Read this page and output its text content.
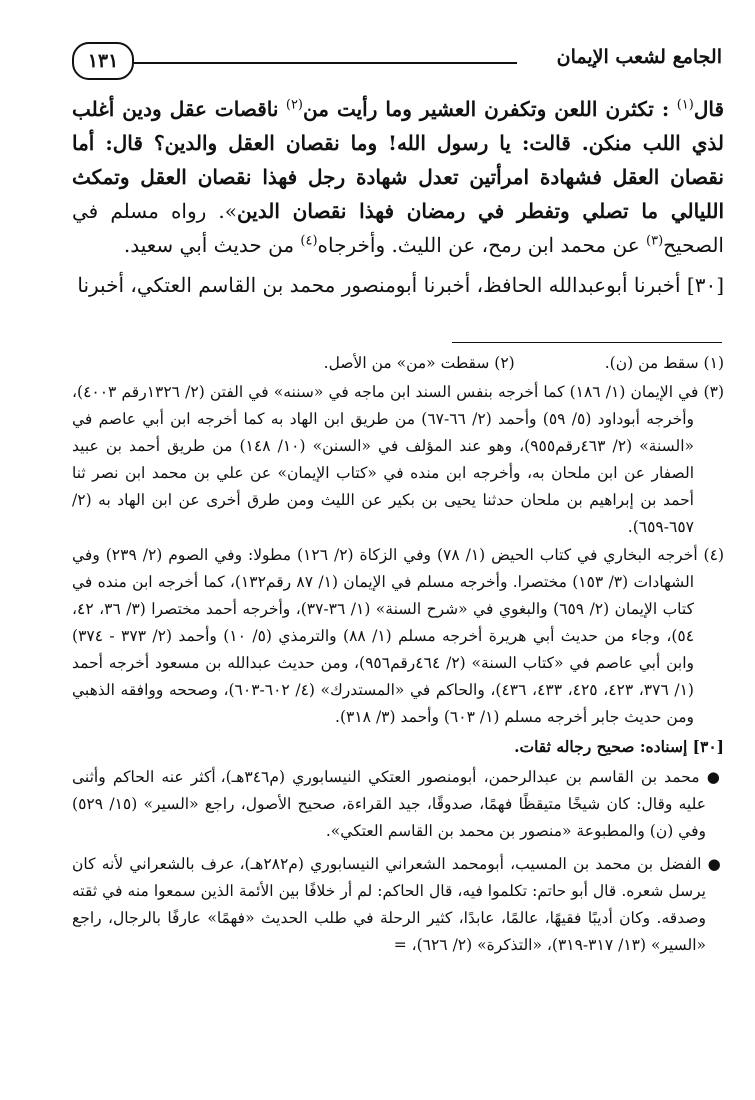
الجامع لشعب الإيمان
١٣١

قال$^{(١)}$ : تكثرن اللعن وتكفرن العشير وما رأيت من$^{(٢)}$ ناقصات عقل ودين أغلب لذي اللب منكن. قالت: يا رسول الله! وما نقصان العقل والدين؟ قال: أما نقصان العقل فشهادة امرأتين تعدل شهادة رجل فهذا نقصان العقل وتمكث الليالي ما تصلي وتفطر في رمضان فهذا نقصان الدين». رواه مسلم في الصحيح$^{(٣)}$ عن محمد ابن رمح، عن الليث. وأخرجاه$^{(٤)}$ من حديث أبي سعيد.

[٣٠] أخبرنا أبوعبدالله الحافظ، أخبرنا أبومنصور محمد بن القاسم العتكي، أخبرنا

(١) سقط من (ن).
(٢) سقطت «من» من الأصل.

(٣) في الإيمان (١/ ١٨٦) كما أخرجه بنفس السند ابن ماجه في «سننه» في الفتن (٢/ ١٣٢٦رقم ٤٠٠٣)، وأخرجه أبوداود (٥/ ٥٩) وأحمد (٢/ ٦٦-٦٧) من طريق ابن الهاد به كما أخرجه ابن أبي عاصم في «السنة» (٢/ ٤٦٣رقم٩٥٥)، وهو عند المؤلف في «السنن» (١٠/ ١٤٨) من طريق أحمد بن عبيد الصفار عن ابن ملحان به، وأخرجه ابن منده في «كتاب الإيمان» عن علي بن محمد ابن نصر ثنا أحمد بن إبراهيم بن ملحان حدثنا يحيى بن بكير عن الليث ومن طرق أخرى عن ابن الهاد به (٢/ ٦٥٧-٦٥٩).

(٤) أخرجه البخاري في كتاب الحيض (١/ ٧٨) وفي الزكاة (٢/ ١٢٦) مطولا: وفي الصوم (٢/ ٢٣٩) وفي الشهادات (٣/ ١٥٣) مختصرا. وأخرجه مسلم في الإيمان (١/ ٨٧ رقم١٣٢)، كما أخرجه ابن منده في كتاب الإيمان (٢/ ٦٥٩) والبغوي في «شرح السنة» (١/ ٣٦-٣٧)، وأخرجه أحمد مختصرا (٣/ ٣٦، ٤٢، ٥٤)، وجاء من حديث أبي هريرة أخرجه مسلم (١/ ٨٨) والترمذي (٥/ ١٠) وأحمد (٢/ ٣٧٣ - ٣٧٤) وابن أبي عاصم في «كتاب السنة» (٢/ ٤٦٤رقم٩٥٦)، ومن حديث عبدالله بن مسعود أخرجه أحمد (١/ ٣٧٦، ٤٢٣، ٤٢٥، ٤٣٣، ٤٣٦)، والحاكم في «المستدرك» (٤/ ٦٠٢-٦٠٣)، وصححه ووافقه الذهبي ومن حديث جابر أخرجه مسلم (١/ ٦٠٣) وأحمد (٣/ ٣١٨).

[٣٠] إسناده: صحيح رجاله ثقات.

● محمد بن القاسم بن عبدالرحمن، أبومنصور العتكي النيسابوري (م٣٤٦هـ)، أكثر عنه الحاكم وأثنى عليه وقال: كان شيخًا متيقظًا فهمًا، صدوقًا، جيد القراءة، صحيح الأصول، راجع «السير» (١٥/ ٥٢٩) وفي (ن) والمطبوعة «منصور بن محمد بن القاسم العتكي».

● الفضل بن محمد بن المسيب، أبومحمد الشعراني النيسابوري (م٢٨٢هـ)، عرف بالشعراني لأنه كان يرسل شعره. قال أبو حاتم: تكلموا فيه، قال الحاكم: لم أر خلافًا بين الأئمة الذين سمعوا منه في ثقته وصدقه. وكان أديبًا فقيهًا، عالمًا، عابدًا، كثير الرحلة في طلب الحديث «فهمًا» عارفًا بالرجال، راجع «السير» (١٣/ ٣١٧-٣١٩)، «التذكرة» (٢/ ٦٢٦)، =
